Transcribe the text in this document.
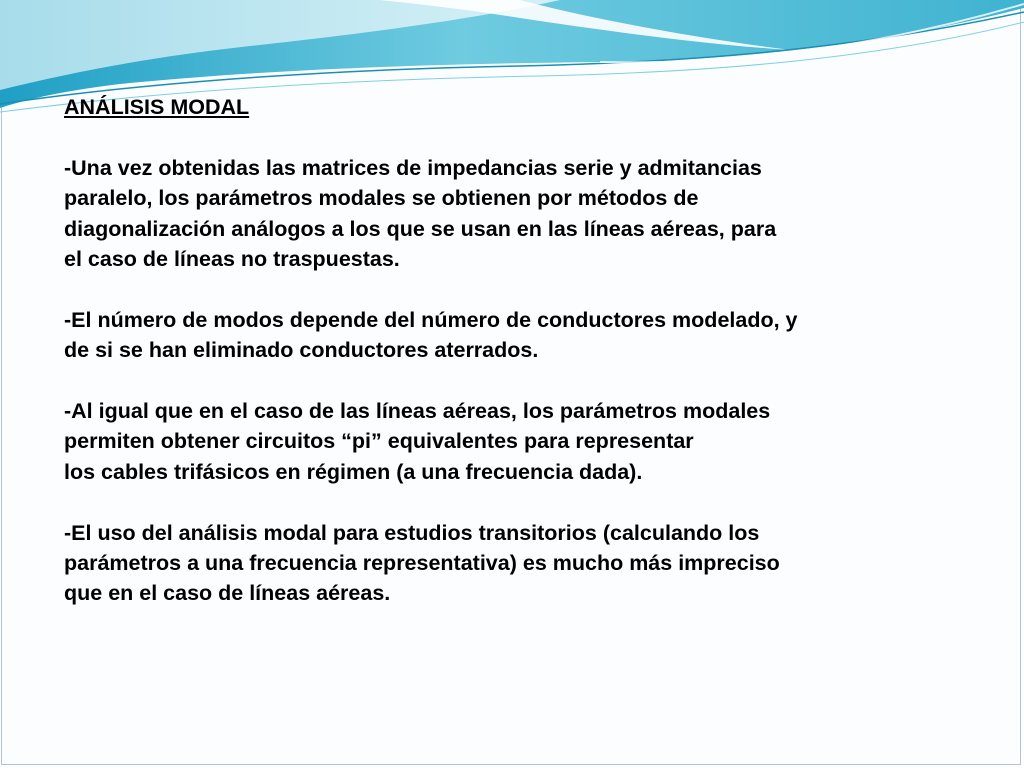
ANÁLISIS MODAL

-Una vez obtenidas las matrices de impedancias serie y admitancias
paralelo, los parámetros modales se obtienen por métodos de
diagonalización análogos a los que se usan en las líneas aéreas, para
el caso de líneas no traspuestas.

-El número de modos depende del número de conductores modelado, y
de si se han eliminado conductores aterrados.

-Al igual que en el caso de las líneas aéreas, los parámetros modales
permiten obtener circuitos “pi” equivalentes para representar
los cables trifásicos en régimen (a una frecuencia dada).

-El uso del análisis modal para estudios transitorios (calculando los
parámetros a una frecuencia representativa) es mucho más impreciso
que en el caso de líneas aéreas.
